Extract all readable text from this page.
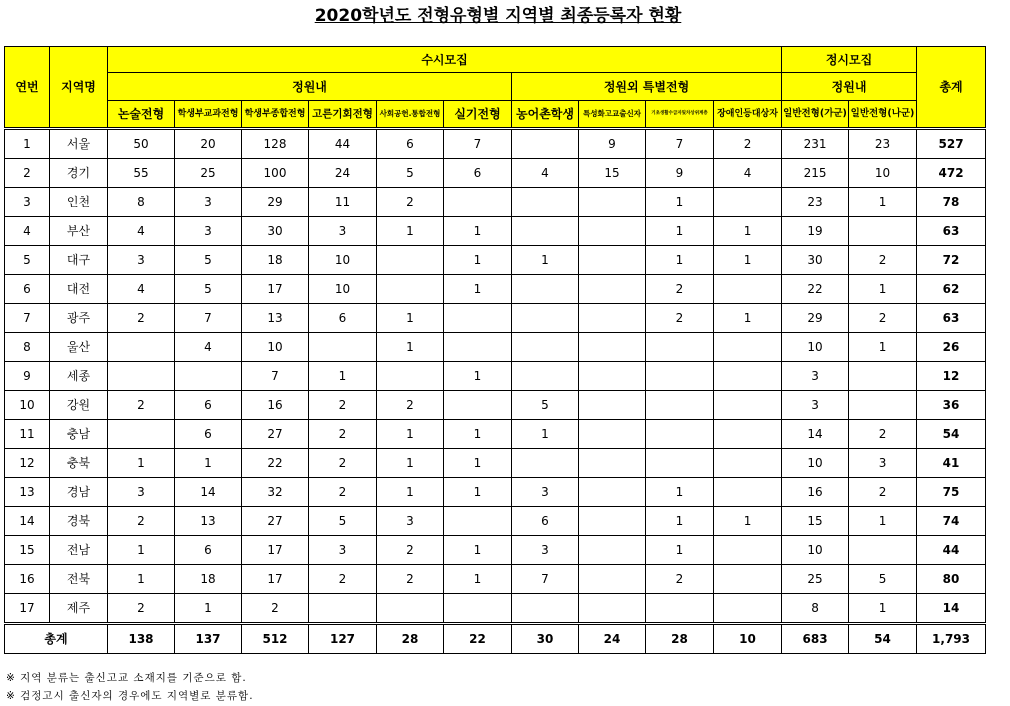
2020학년도 전형유형별 지역별 최종등록자 현황
연번	지역명	수시모집										정시모집		총계
		정원내						정원외 특별전형				정원내		
		논술전형	학생부교과전형	학생부종합전형	고른기회전형	사회공헌.통합전형	실기전형	농어촌학생	특성화고교출신자	기초생활수급자및차상위계층	장애인등대상자	일반전형(가군)	일반전형(나군)	
1	서울	50	20	128	44	6	7		9	7	2	231	23	527
2	경기	55	25	100	24	5	6	4	15	9	4	215	10	472
3	인천	8	3	29	11	2				1		23	1	78
4	부산	4	3	30	3	1	1			1	1	19		63
5	대구	3	5	18	10		1	1		1	1	30	2	72
6	대전	4	5	17	10		1			2		22	1	62
7	광주	2	7	13	6	1				2	1	29	2	63
8	울산		4	10		1						10	1	26
9	세종			7	1		1					3		12
10	강원	2	6	16	2	2		5				3		36
11	충남		6	27	2	1	1	1				14	2	54
12	충북	1	1	22	2	1	1					10	3	41
13	경남	3	14	32	2	1	1	3		1		16	2	75
14	경북	2	13	27	5	3		6		1	1	15	1	74
15	전남	1	6	17	3	2	1	3		1		10		44
16	전북	1	18	17	2	2	1	7		2		25	5	80
17	제주	2	1	2								8	1	14
총계		138	137	512	127	28	22	30	24	28	10	683	54	1,793
※ 지역 분류는 출신고교 소재지를 기준으로 함.
※ 검정고시 출신자의 경우에도 지역별로 분류함.
